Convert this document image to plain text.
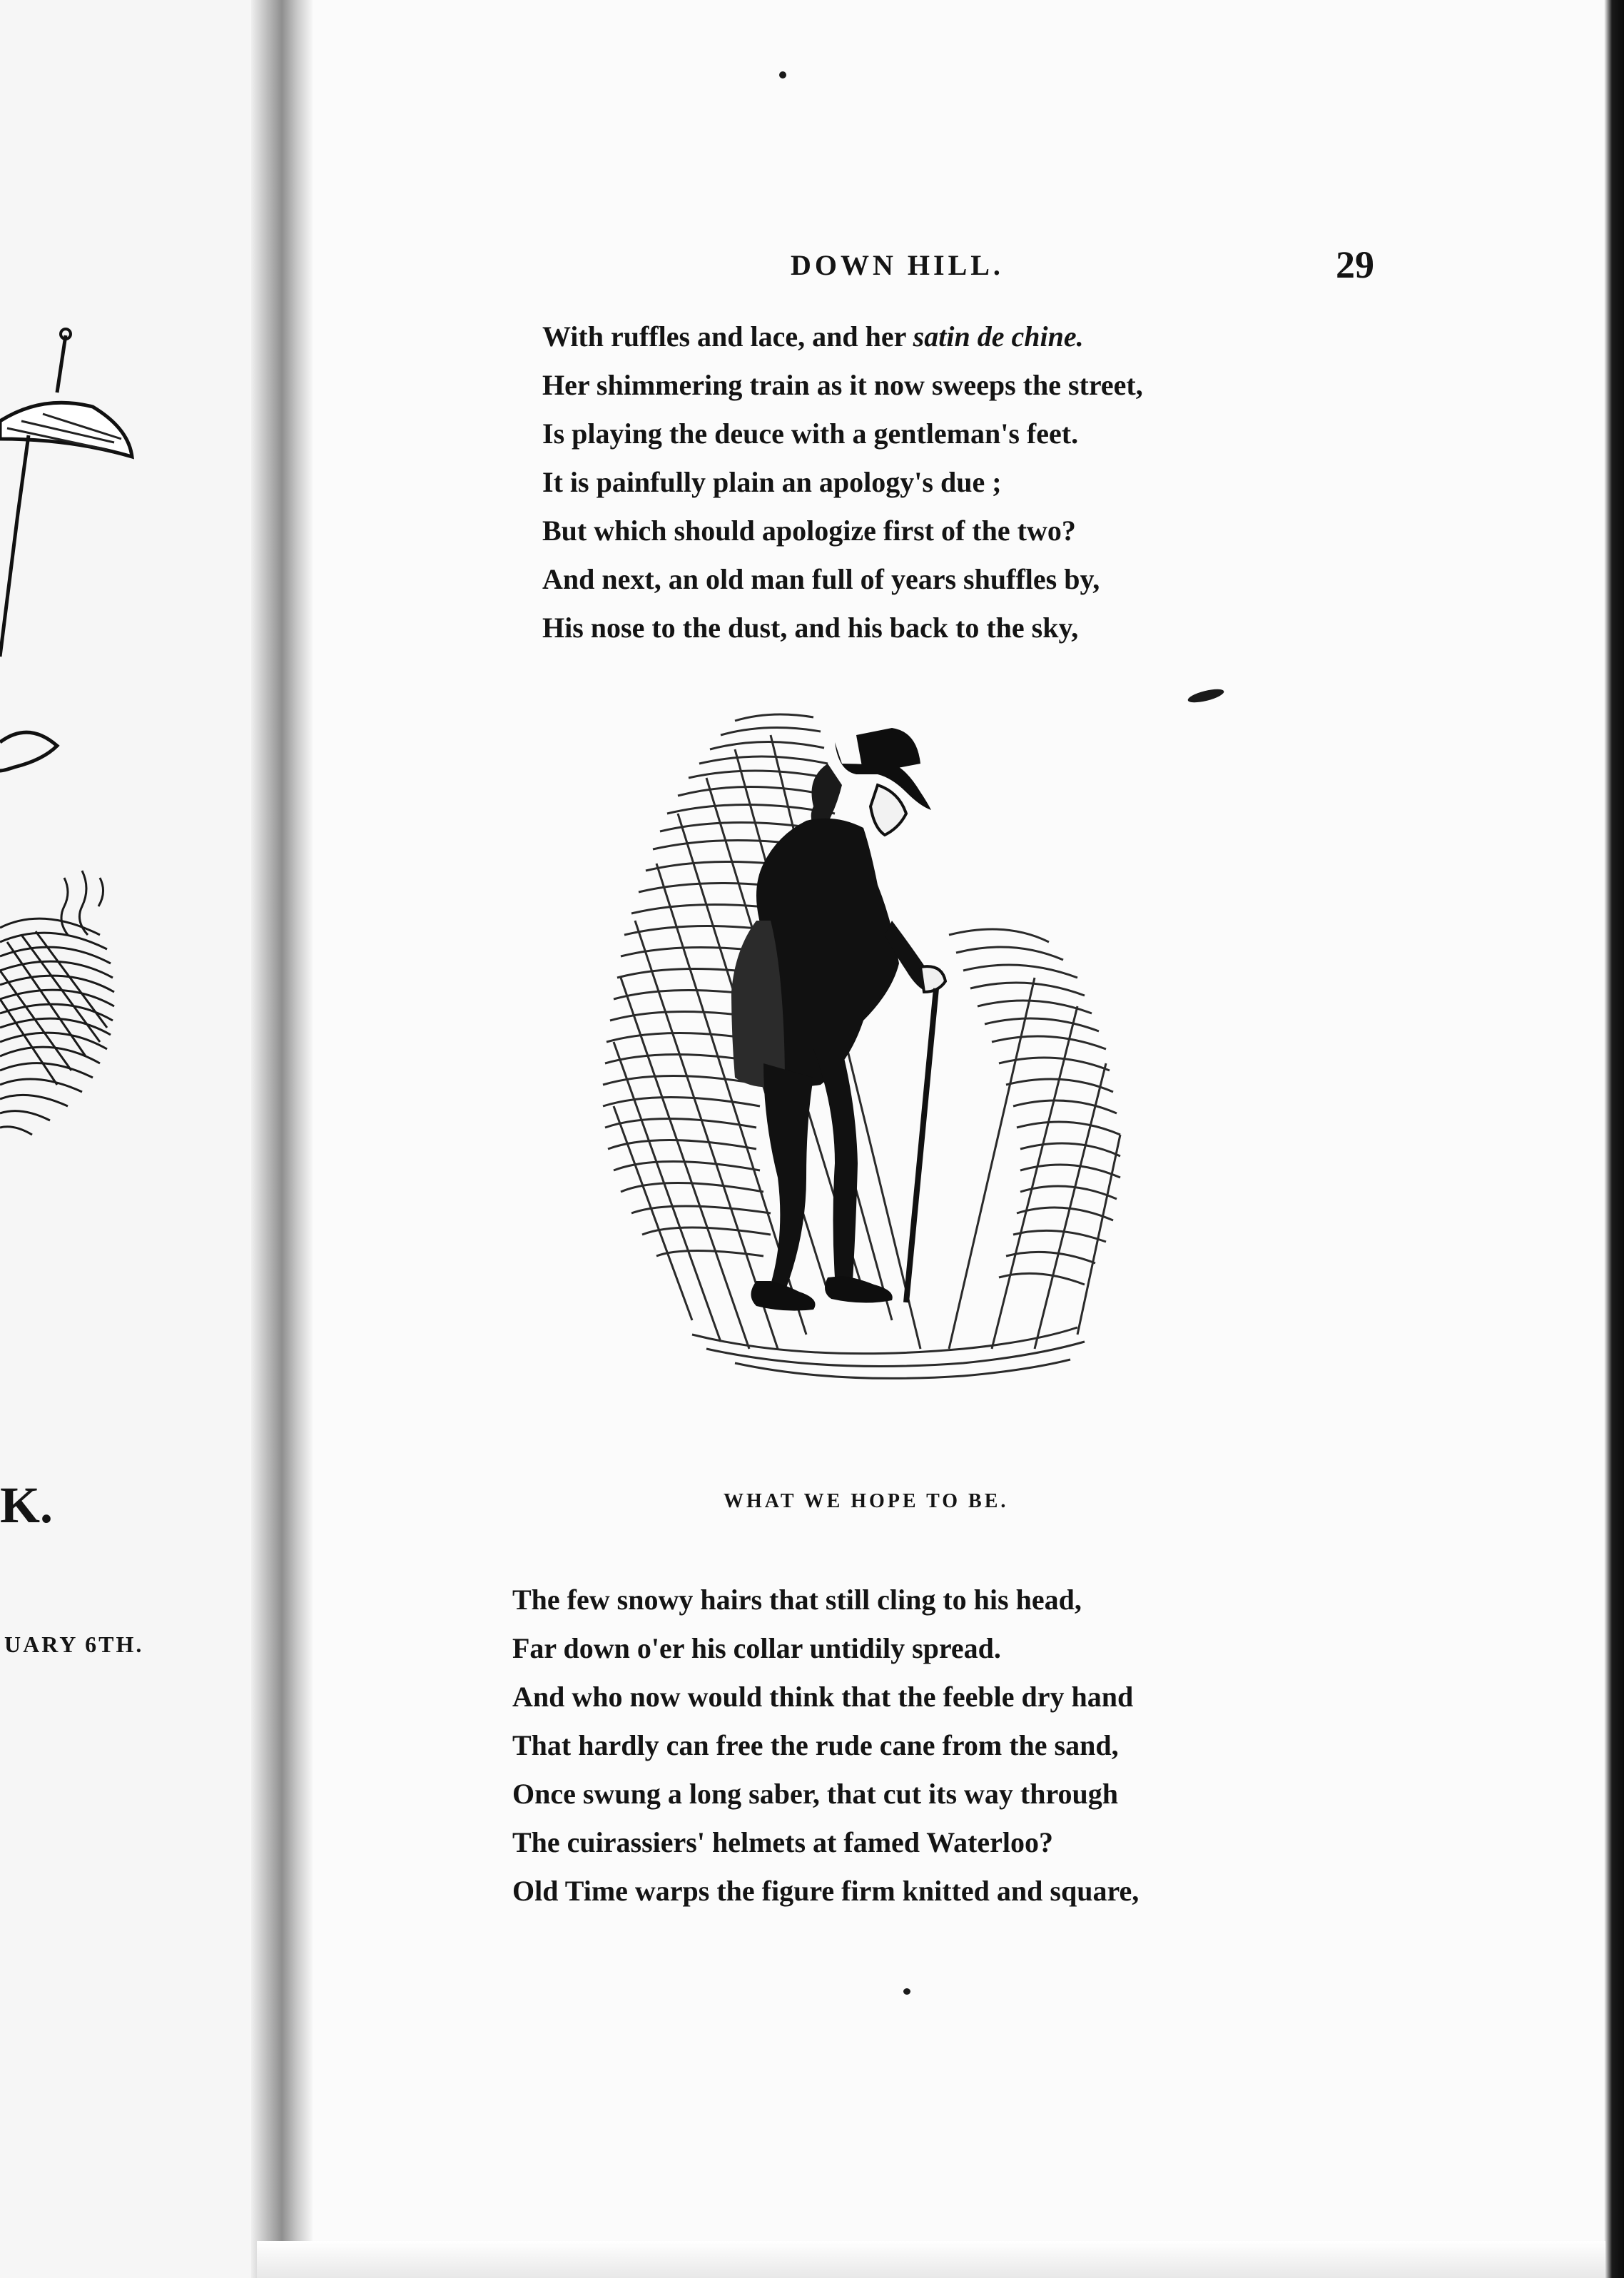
K.
UARY 6TH.
DOWN HILL.	29
With ruffles and lace, and her satin de chine.
Her shimmering train as it now sweeps the street,
Is playing the deuce with a gentleman's feet.
It is painfully plain an apology's due ;
But which should apologize first of the two?
And next, an old man full of years shuffles by,
His nose to the dust, and his back to the sky,
WHAT WE HOPE TO BE.
The few snowy hairs that still cling to his head,
Far down o'er his collar untidily spread.
And who now would think that the feeble dry hand
That hardly can free the rude cane from the sand,
Once swung a long saber, that cut its way through
The cuirassiers' helmets at famed Waterloo?
Old Time warps the figure firm knitted and square,
